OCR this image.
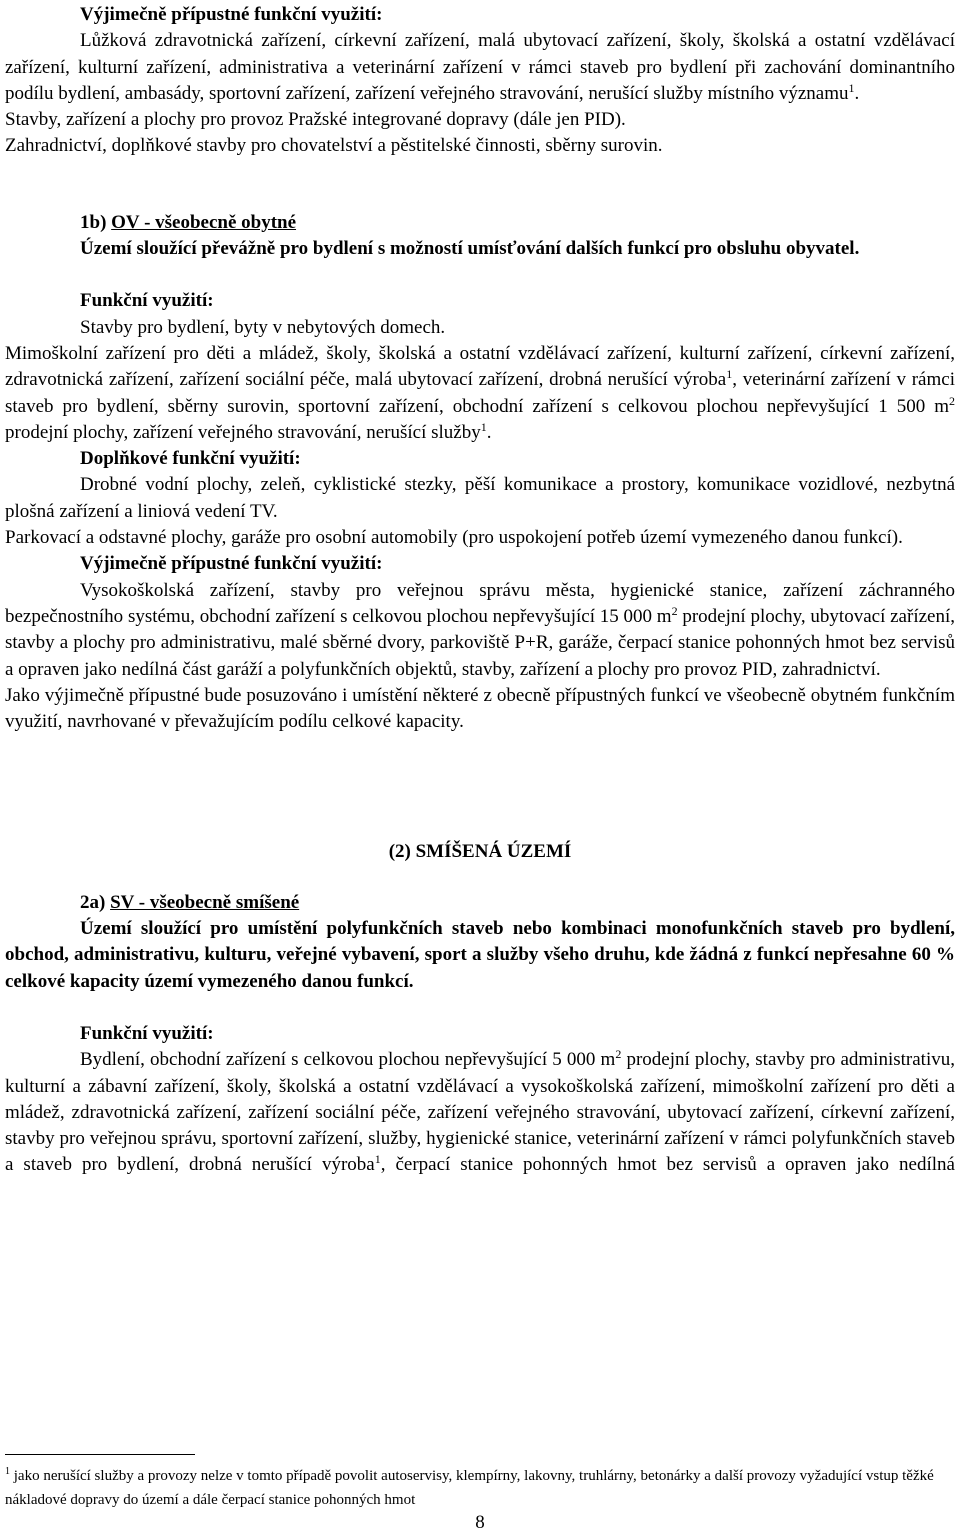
Výjimečně přípustné funkční využití:

Lůžková zdravotnická zařízení, církevní zařízení, malá ubytovací zařízení, školy, školská a ostatní vzdělávací zařízení, kulturní zařízení, administrativa a veterinární zařízení v rámci staveb pro bydlení při zachování dominantního podílu bydlení, ambasády, sportovní zařízení, zařízení veřejného stravování, nerušící služby místního významu$^1$.

Stavby, zařízení a plochy pro provoz Pražské integrované dopravy (dále jen PID).

Zahradnictví, doplňkové stavby pro chovatelství a pěstitelské činnosti, sběrny surovin.

1b) OV - všeobecně obytné

Území sloužící převážně pro bydlení s možností umísťování dalších funkcí pro obsluhu obyvatel.

Funkční využití:

Stavby pro bydlení, byty v nebytových domech.

Mimoškolní zařízení pro děti a mládež, školy, školská a ostatní vzdělávací zařízení, kulturní zařízení, církevní zařízení, zdravotnická zařízení, zařízení sociální péče, malá ubytovací zařízení, drobná nerušící výroba$^1$, veterinární zařízení v rámci staveb pro bydlení, sběrny surovin, sportovní zařízení, obchodní zařízení s celkovou plochou nepřevyšující 1 500 $m^2$ prodejní plochy, zařízení veřejného stravování, nerušící služby$^1$.

Doplňkové funkční využití:

Drobné vodní plochy, zeleň, cyklistické stezky, pěší komunikace a prostory, komunikace vozidlové, nezbytná plošná zařízení a liniová vedení TV.

Parkovací a odstavné plochy, garáže pro osobní automobily (pro uspokojení potřeb území vymezeného danou funkcí).

Výjimečně přípustné funkční využití:

Vysokoškolská zařízení, stavby pro veřejnou správu města, hygienické stanice, zařízení záchranného bezpečnostního systému, obchodní zařízení s celkovou plochou nepřevyšující 15 000 $m^2$ prodejní plochy, ubytovací zařízení, stavby a plochy pro administrativu, malé sběrné dvory, parkoviště P+R, garáže, čerpací stanice pohonných hmot bez servisů a opraven jako nedílná část garáží a polyfunkčních objektů, stavby, zařízení a plochy pro provoz PID, zahradnictví.

Jako výjimečně přípustné bude posuzováno i umístění některé z obecně přípustných funkcí ve všeobecně obytném funkčním využití, navrhované v převažujícím podílu celkové kapacity.

(2) SMÍŠENÁ ÚZEMÍ

2a) SV - všeobecně smíšené

Území sloužící pro umístění polyfunkčních staveb nebo kombinaci monofunkčních staveb pro bydlení, obchod, administrativu, kulturu, veřejné vybavení, sport a služby všeho druhu, kde žádná z funkcí nepřesahne 60 % celkové kapacity území vymezeného danou funkcí.

Funkční využití:

Bydlení, obchodní zařízení s celkovou plochou nepřevyšující 5 000 $m^2$ prodejní plochy, stavby pro administrativu, kulturní a zábavní zařízení, školy, školská a ostatní vzdělávací a vysokoškolská zařízení, mimoškolní zařízení pro děti a mládež, zdravotnická zařízení, zařízení sociální péče, zařízení veřejného stravování, ubytovací zařízení, církevní zařízení, stavby pro veřejnou správu, sportovní zařízení, služby, hygienické stanice, veterinární zařízení v rámci polyfunkčních staveb a staveb pro bydlení, drobná nerušící výroba$^1$, čerpací stanice pohonných hmot bez servisů a opraven jako nedílná

$^1$ jako nerušící služby a provozy nelze v tomto případě povolit autoservisy, klempírny, lakovny, truhlárny, betonárky a další provozy vyžadující vstup těžké nákladové dopravy do území a dále čerpací stanice pohonných hmot

8
